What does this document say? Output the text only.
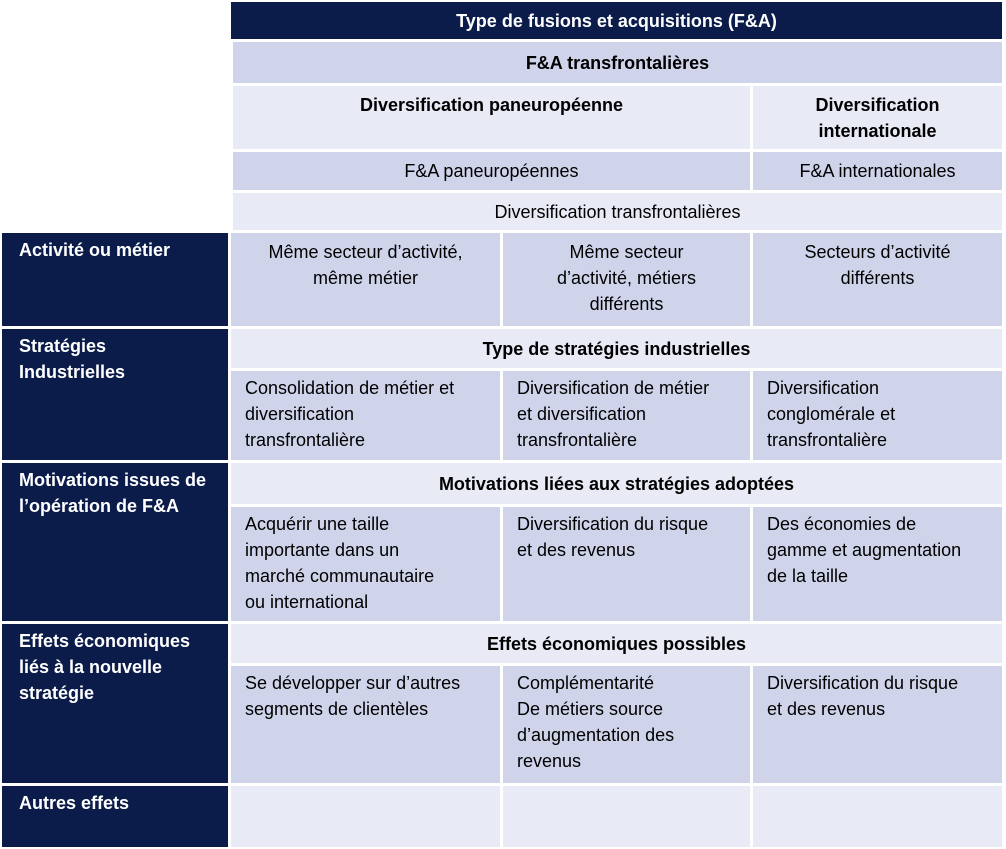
Dimension
géographique
Activité ou métier
Stratégies
Industrielles
Motivations issues de
l’opération de F&A
Effets économiques
liés à la nouvelle
stratégie
Autres effets
Type de fusions et acquisitions (F&A)
F&A transfrontalières
Diversification paneuropéenne	Diversification
internationale
F&A paneuropéennes	F&A internationales
Diversification transfrontalières
Même secteur d’activité,
même métier
Même secteur
d’activité, métiers
différents
Secteurs d’activité
différents
Type de stratégies industrielles
Consolidation de métier et
diversification
transfrontalière
Diversification de métier
et diversification
transfrontalière
Diversification
conglomérale et
transfrontalière
Motivations liées aux stratégies adoptées
Acquérir une taille
importante dans un
marché communautaire
ou international
Diversification du risque
et des revenus
Des économies de
gamme et augmentation
de la taille
Effets économiques possibles
Se développer sur d’autres
segments de clientèles
Complémentarité
De métiers source
d’augmentation des
revenus
Diversification du risque
et des revenus
